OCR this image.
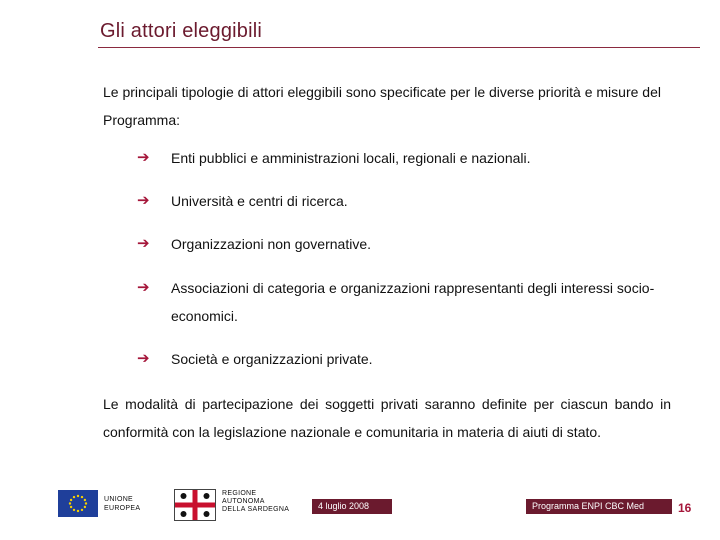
Gli attori eleggibili
Le principali tipologie di attori eleggibili sono specificate per le diverse priorità e misure del Programma:
➔ Enti pubblici e amministrazioni locali, regionali e nazionali.
➔ Università e centri di ricerca.
➔ Organizzazioni non governative.
➔ Associazioni di categoria e organizzazioni rappresentanti degli interessi socio-economici.
➔ Società e organizzazioni private.
Le modalità di partecipazione dei soggetti privati saranno definite per ciascun bando in conformità con la legislazione nazionale e comunitaria in materia di aiuti di stato.
UNIONE
EUROPEA
REGIONE
AUTONOMA
DELLA SARDEGNA	4 luglio 2008	Programma ENPI CBC Med	16
